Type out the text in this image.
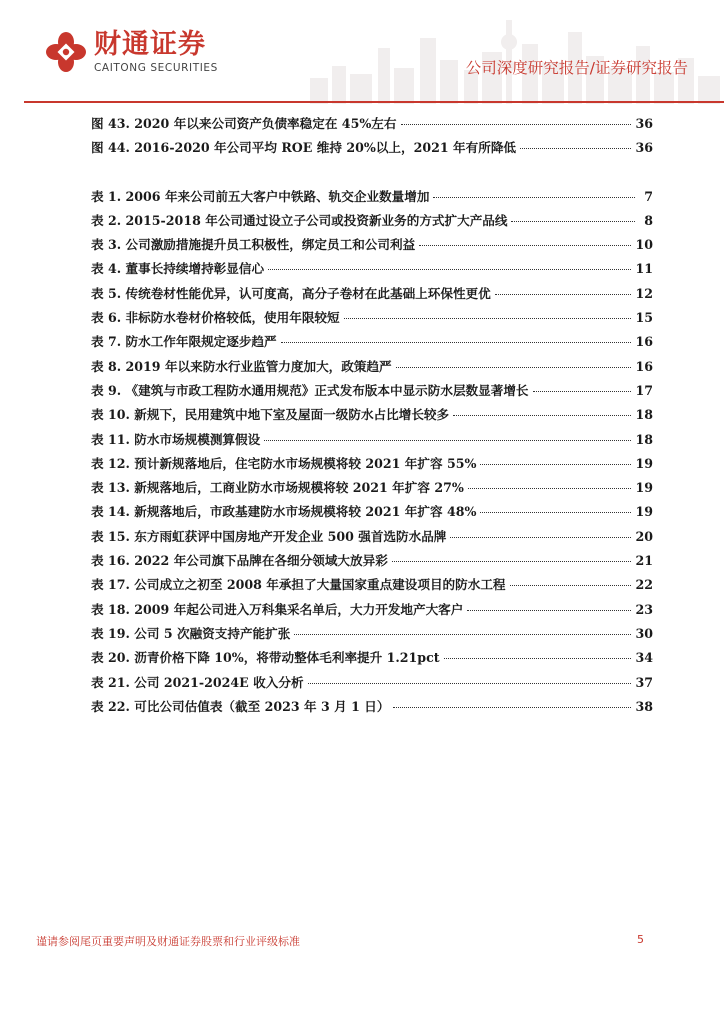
财通证券
CAITONG SECURITIES	公司深度研究报告/证券研究报告
图 43. 2020 年以来公司资产负债率稳定在 45%左右	36
图 44. 2016-2020 年公司平均 ROE 维持 20%以上，2021 年有所降低	36
表 1. 2006 年来公司前五大客户中铁路、轨交企业数量增加	7
表 2. 2015-2018 年公司通过设立子公司或投资新业务的方式扩大产品线	8
表 3. 公司激励措施提升员工积极性，绑定员工和公司利益	10
表 4. 董事长持续增持彰显信心	11
表 5. 传统卷材性能优异，认可度高，高分子卷材在此基础上环保性更优	12
表 6. 非标防水卷材价格较低，使用年限较短	15
表 7. 防水工作年限规定逐步趋严	16
表 8. 2019 年以来防水行业监管力度加大，政策趋严	16
表 9. 《建筑与市政工程防水通用规范》正式发布版本中显示防水层数显著增长	17
表 10. 新规下，民用建筑中地下室及屋面一级防水占比增长较多	18
表 11. 防水市场规模测算假设	18
表 12. 预计新规落地后，住宅防水市场规模将较 2021 年扩容 55%	19
表 13. 新规落地后，工商业防水市场规模将较 2021 年扩容 27%	19
表 14. 新规落地后，市政基建防水市场规模将较 2021 年扩容 48%	19
表 15. 东方雨虹获评中国房地产开发企业 500 强首选防水品牌	20
表 16. 2022 年公司旗下品牌在各细分领域大放异彩	21
表 17. 公司成立之初至 2008 年承担了大量国家重点建设项目的防水工程	22
表 18. 2009 年起公司进入万科集采名单后，大力开发地产大客户	23
表 19. 公司 5 次融资支持产能扩张	30
表 20. 沥青价格下降 10%，将带动整体毛利率提升 1.21pct	34
表 21. 公司 2021-2024E 收入分析	37
表 22. 可比公司估值表（截至 2023 年 3 月 1 日）	38
谨请参阅尾页重要声明及财通证券股票和行业评级标准	5
